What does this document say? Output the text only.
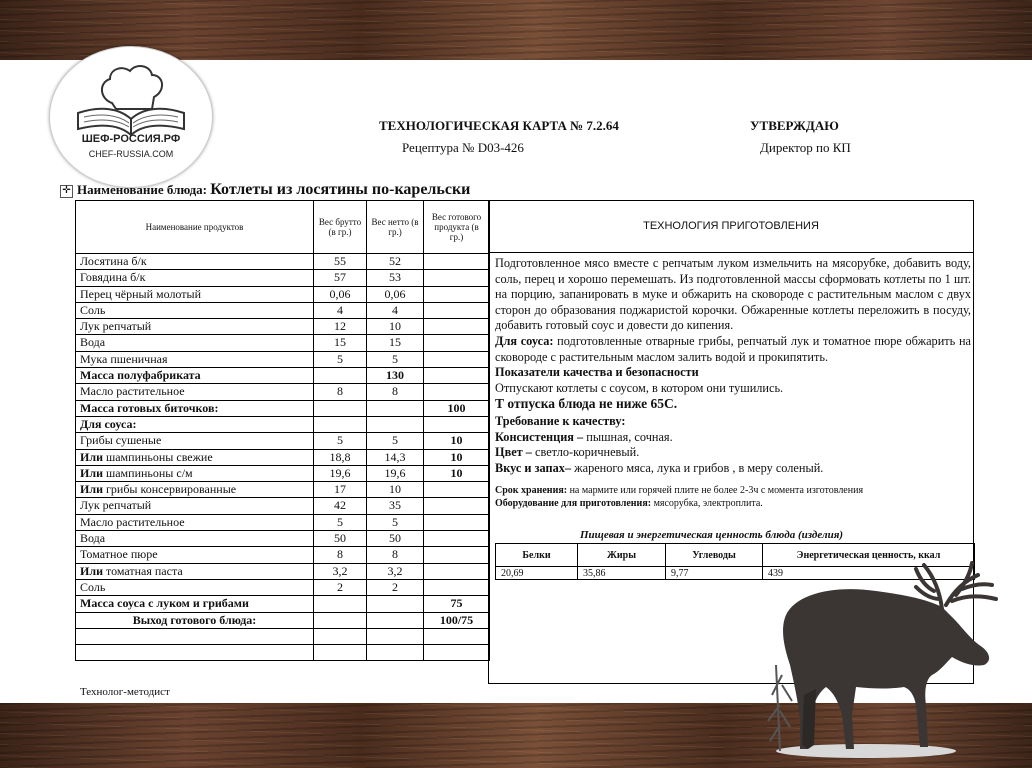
ШЕФ-РОССИЯ.РФ
CHEF-RUSSIA.COM
ТЕХНОЛОГИЧЕСКАЯ КАРТА № 7.2.64
Рецептура № D03-426
УТВЕРЖДАЮ
Директор по КП
✛ Наименование блюда: Котлеты из лосятины по-карельски
Наименование продуктов	Вес брутто (в гр.)	Вес нетто (в гр.)	Вес готового продукта (в гр.)
Лосятина б/к	55	52	
Говядина б/к	57	53	
Перец чёрный молотый	0,06	0,06	
Соль	4	4	
Лук репчатый	12	10	
Вода	15	15	
Мука пшеничная	5	5	
Масса полуфабриката		130	
Масло растительное	8	8	
Масса готовых биточков:			100
Для соуса:			
Грибы сушеные	5	5	10
Или шампиньоны свежие	18,8	14,3	10
Или шампиньоны с/м	19,6	19,6	10
Или грибы консервированные	17	10	
Лук репчатый	42	35	
Масло растительное	5	5	
Вода	50	50	
Томатное пюре	8	8	
Или томатная паста	3,2	3,2	
Соль	2	2	
Масса соуса с луком и грибами			75
Выход готового блюда:			100/75

ТЕХНОЛОГИЯ ПРИГОТОВЛЕНИЯ

Подготовленное мясо вместе с репчатым луком измельчить на мясорубке, добавить воду, соль, перец и хорошо перемешать. Из подготовленной массы сформовать котлеты по 1 шт. на порцию, запанировать в муке и обжарить на сковороде с растительным маслом с двух сторон до образования поджаристой корочки. Обжаренные котлеты переложить в посуду, добавить готовый соус и довести до кипения.

Для соуса: подготовленные отварные грибы, репчатый лук и томатное пюре обжарить на сковороде с растительным маслом залить водой и прокипятить.

Показатели качества и безопасности

Отпускают котлеты с соусом, в котором они тушились.

Т отпуска блюда не ниже 65С.

Требование к качеству:

Консистенция – пышная, сочная.

Цвет – светло-коричневый.

Вкус и запах– жареного мяса, лука и грибов , в меру соленый.

Срок хранения: на мармите или горячей плите не более 2-3ч с момента изготовления

Оборудование для приготовления: мясорубка, электроплита.

Пищевая и энергетическая ценность блюда (изделия)
Белки	Жиры	Углеводы	Энергетическая ценность, ккал
20,69	35,86	9,77	439
Технолог-методист
